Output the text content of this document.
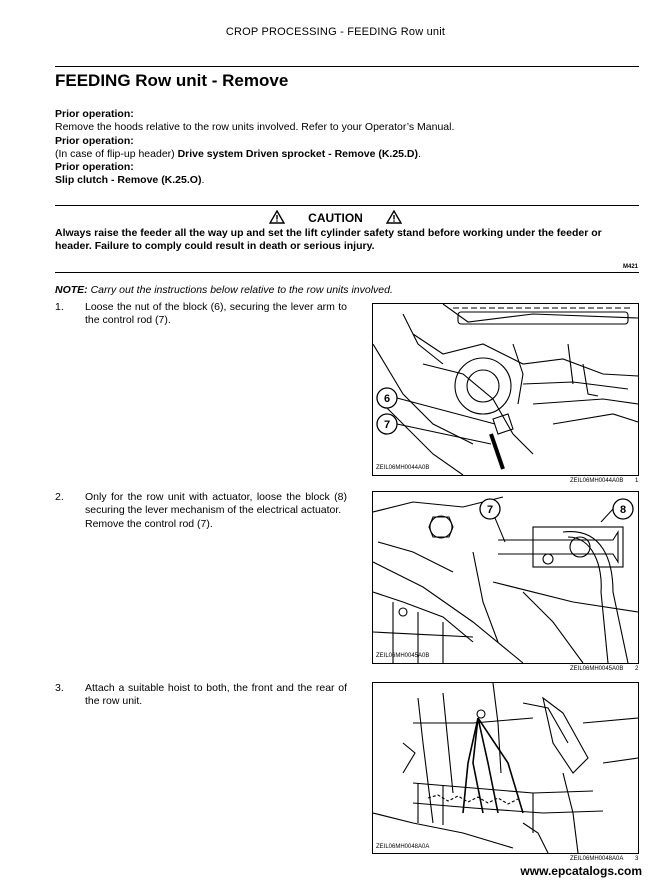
CROP PROCESSING - FEEDING Row unit
FEEDING Row unit - Remove
Prior operation:
Remove the hoods relative to the row units involved. Refer to your Operator’s Manual.
Prior operation:
(In case of flip-up header) Drive system Driven sprocket - Remove (K.25.D).
Prior operation:
Slip clutch - Remove (K.25.O).
CAUTION
Always raise the feeder all the way up and set the lift cylinder safety stand before working under the feeder or header. Failure to comply could result in death or serious injury.
M421
NOTE: Carry out the instructions below relative to the row units involved.
1. Loose the nut of the block (6), securing the lever arm to the control rod (7).
6
7
ZEIL06MH0044A0B
ZEIL06MH0044A0B 1
2. Only for the row unit with actuator, loose the block (8) securing the lever mechanism of the electrical actuator.
Remove the control rod (7).
7	8
ZEIL06MH0045A0B
ZEIL06MH0045A0B 2
3. Attach a suitable hoist to both, the front and the rear of the row unit.
ZEIL06MH0048A0A
ZEIL06MH0048A0A 3
www.epcatalogs.com
